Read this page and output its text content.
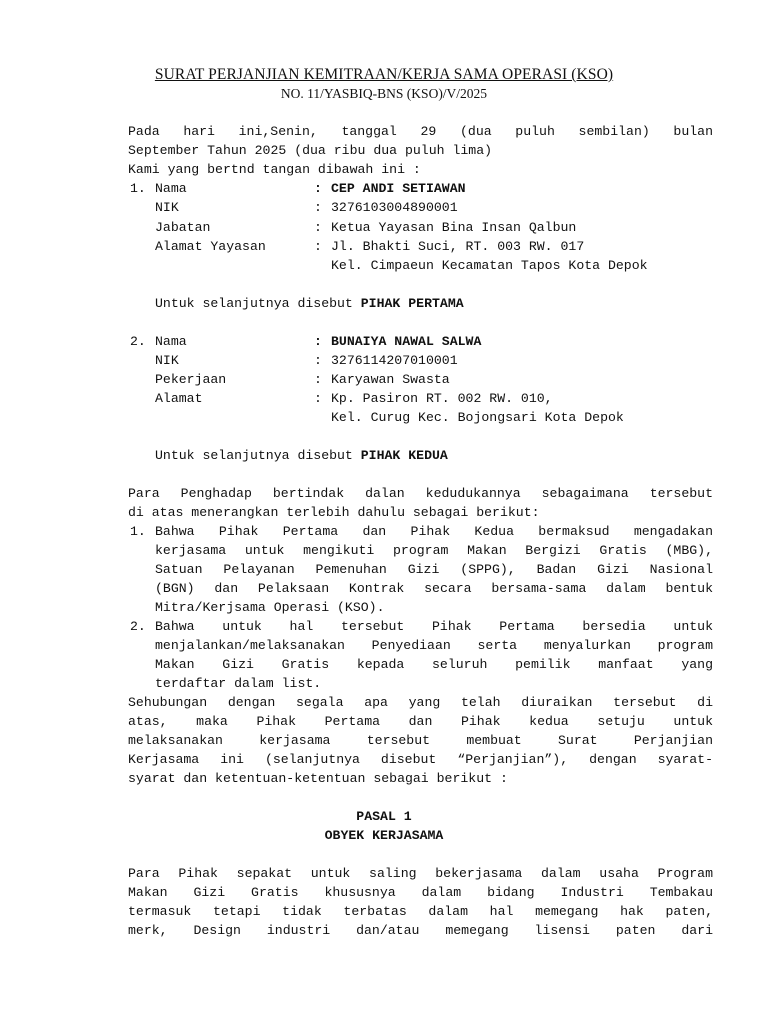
SURAT PERJANJIAN KEMITRAAN/KERJA SAMA OPERASI (KSO)
NO. 11/YASBIQ-BNS (KSO)/V/2025
Pada hari ini,Senin, tanggal 29 (dua puluh sembilan) bulan
September Tahun 2025 (dua ribu dua puluh lima)
Kami yang bertnd tangan dibawah ini :
1. Nama	: CEP ANDI SETIAWAN
NIK	: 3276103004890001
Jabatan	: Ketua Yayasan Bina Insan Qalbun
Alamat Yayasan	: Jl. Bhakti Suci, RT. 003 RW. 017
Kel. Cimpaeun Kecamatan Tapos Kota Depok
Untuk selanjutnya disebut PIHAK PERTAMA
2. Nama	: BUNAIYA NAWAL SALWA
NIK	: 3276114207010001
Pekerjaan	: Karyawan Swasta
Alamat	: Kp. Pasiron RT. 002 RW. 010,
Kel. Curug Kec. Bojongsari Kota Depok
Untuk selanjutnya disebut PIHAK KEDUA
Para Penghadap bertindak dalan kedudukannya sebagaimana tersebut
di atas menerangkan terlebih dahulu sebagai berikut:
1. Bahwa Pihak Pertama dan Pihak Kedua bermaksud mengadakan
kerjasama untuk mengikuti program Makan Bergizi Gratis (MBG),
Satuan Pelayanan Pemenuhan Gizi (SPPG), Badan Gizi Nasional
(BGN) dan Pelaksaan Kontrak secara bersama-sama dalam bentuk
Mitra/Kerjsama Operasi (KSO).
2. Bahwa untuk hal tersebut Pihak Pertama bersedia untuk
menjalankan/melaksanakan Penyediaan serta menyalurkan program
Makan Gizi Gratis kepada seluruh pemilik manfaat yang
terdaftar dalam list.
Sehubungan dengan segala apa yang telah diuraikan tersebut di
atas, maka Pihak Pertama dan Pihak kedua setuju untuk
melaksanakan kerjasama tersebut membuat Surat Perjanjian
Kerjasama ini (selanjutnya disebut “Perjanjian”), dengan syarat-
syarat dan ketentuan-ketentuan sebagai berikut :
PASAL 1
OBYEK KERJASAMA
Para Pihak sepakat untuk saling bekerjasama dalam usaha Program
Makan Gizi Gratis khususnya dalam bidang Industri Tembakau
termasuk tetapi tidak terbatas dalam hal memegang hak paten,
merk, Design industri dan/atau memegang lisensi paten dari
